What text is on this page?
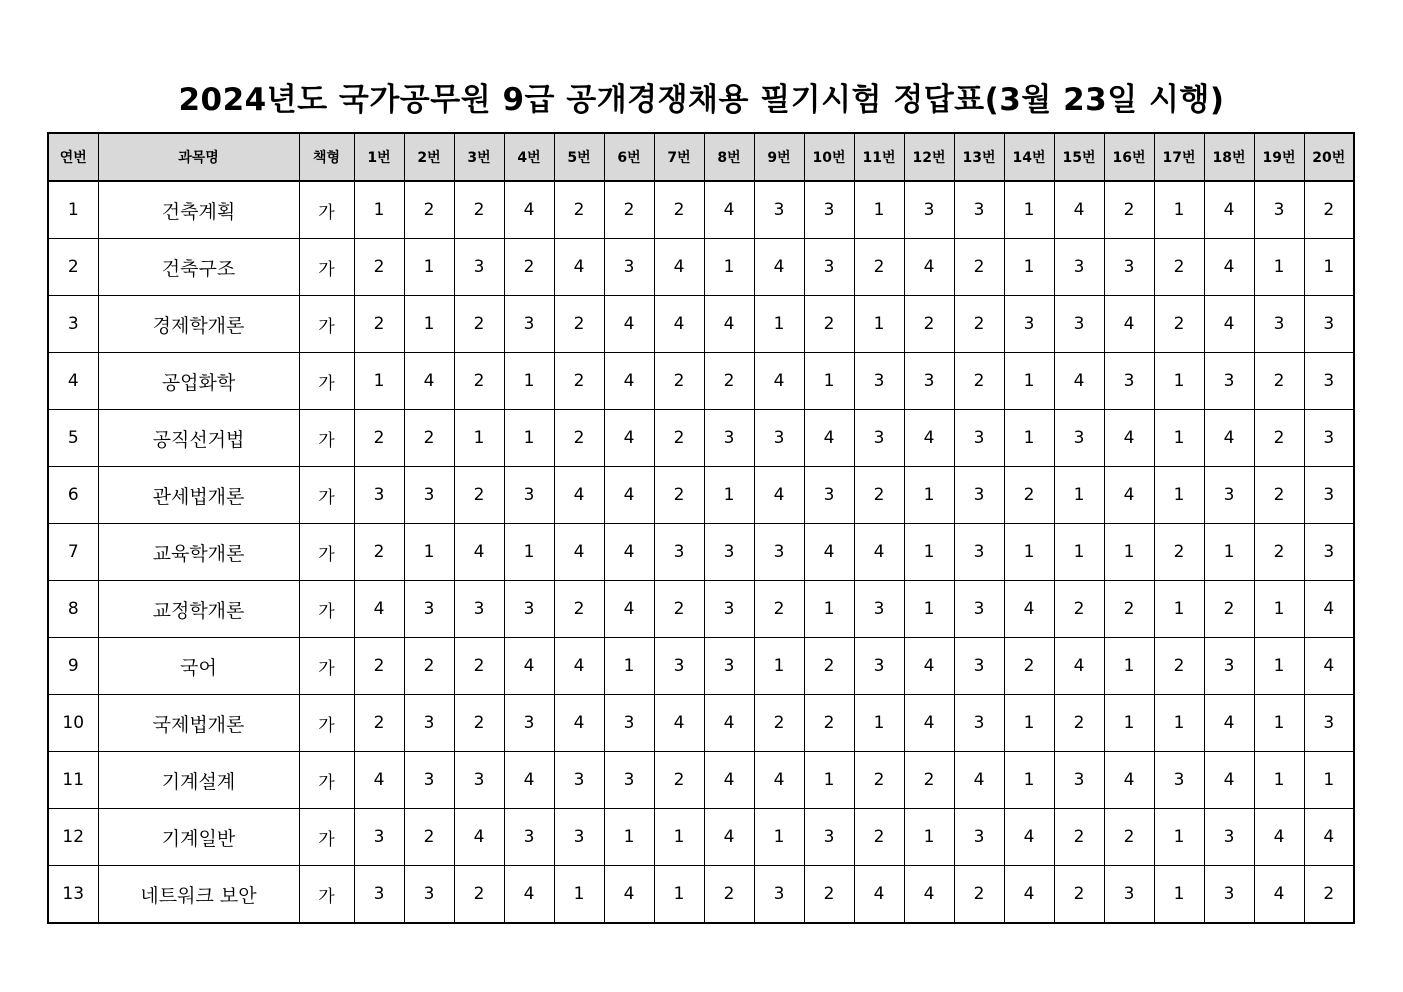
2024년도 국가공무원 9급 공개경쟁채용 필기시험 정답표(3월 23일 시행)
연번	과목명	책형	1번	2번	3번	4번	5번	6번	7번	8번	9번	10번	11번	12번	13번	14번	15번	16번	17번	18번	19번	20번
1	건축계획	가	1	2	2	4	2	2	2	4	3	3	1	3	3	1	4	2	1	4	3	2
2	건축구조	가	2	1	3	2	4	3	4	1	4	3	2	4	2	1	3	3	2	4	1	1
3	경제학개론	가	2	1	2	3	2	4	4	4	1	2	1	2	2	3	3	4	2	4	3	3
4	공업화학	가	1	4	2	1	2	4	2	2	4	1	3	3	2	1	4	3	1	3	2	3
5	공직선거법	가	2	2	1	1	2	4	2	3	3	4	3	4	3	1	3	4	1	4	2	3
6	관세법개론	가	3	3	2	3	4	4	2	1	4	3	2	1	3	2	1	4	1	3	2	3
7	교육학개론	가	2	1	4	1	4	4	3	3	3	4	4	1	3	1	1	1	2	1	2	3
8	교정학개론	가	4	3	3	3	2	4	2	3	2	1	3	1	3	4	2	2	1	2	1	4
9	국어	가	2	2	2	4	4	1	3	3	1	2	3	4	3	2	4	1	2	3	1	4
10	국제법개론	가	2	3	2	3	4	3	4	4	2	2	1	4	3	1	2	1	1	4	1	3
11	기계설계	가	4	3	3	4	3	3	2	4	4	1	2	2	4	1	3	4	3	4	1	1
12	기계일반	가	3	2	4	3	3	1	1	4	1	3	2	1	3	4	2	2	1	3	4	4
13	네트워크 보안	가	3	3	2	4	1	4	1	2	3	2	4	4	2	4	2	3	1	3	4	2
